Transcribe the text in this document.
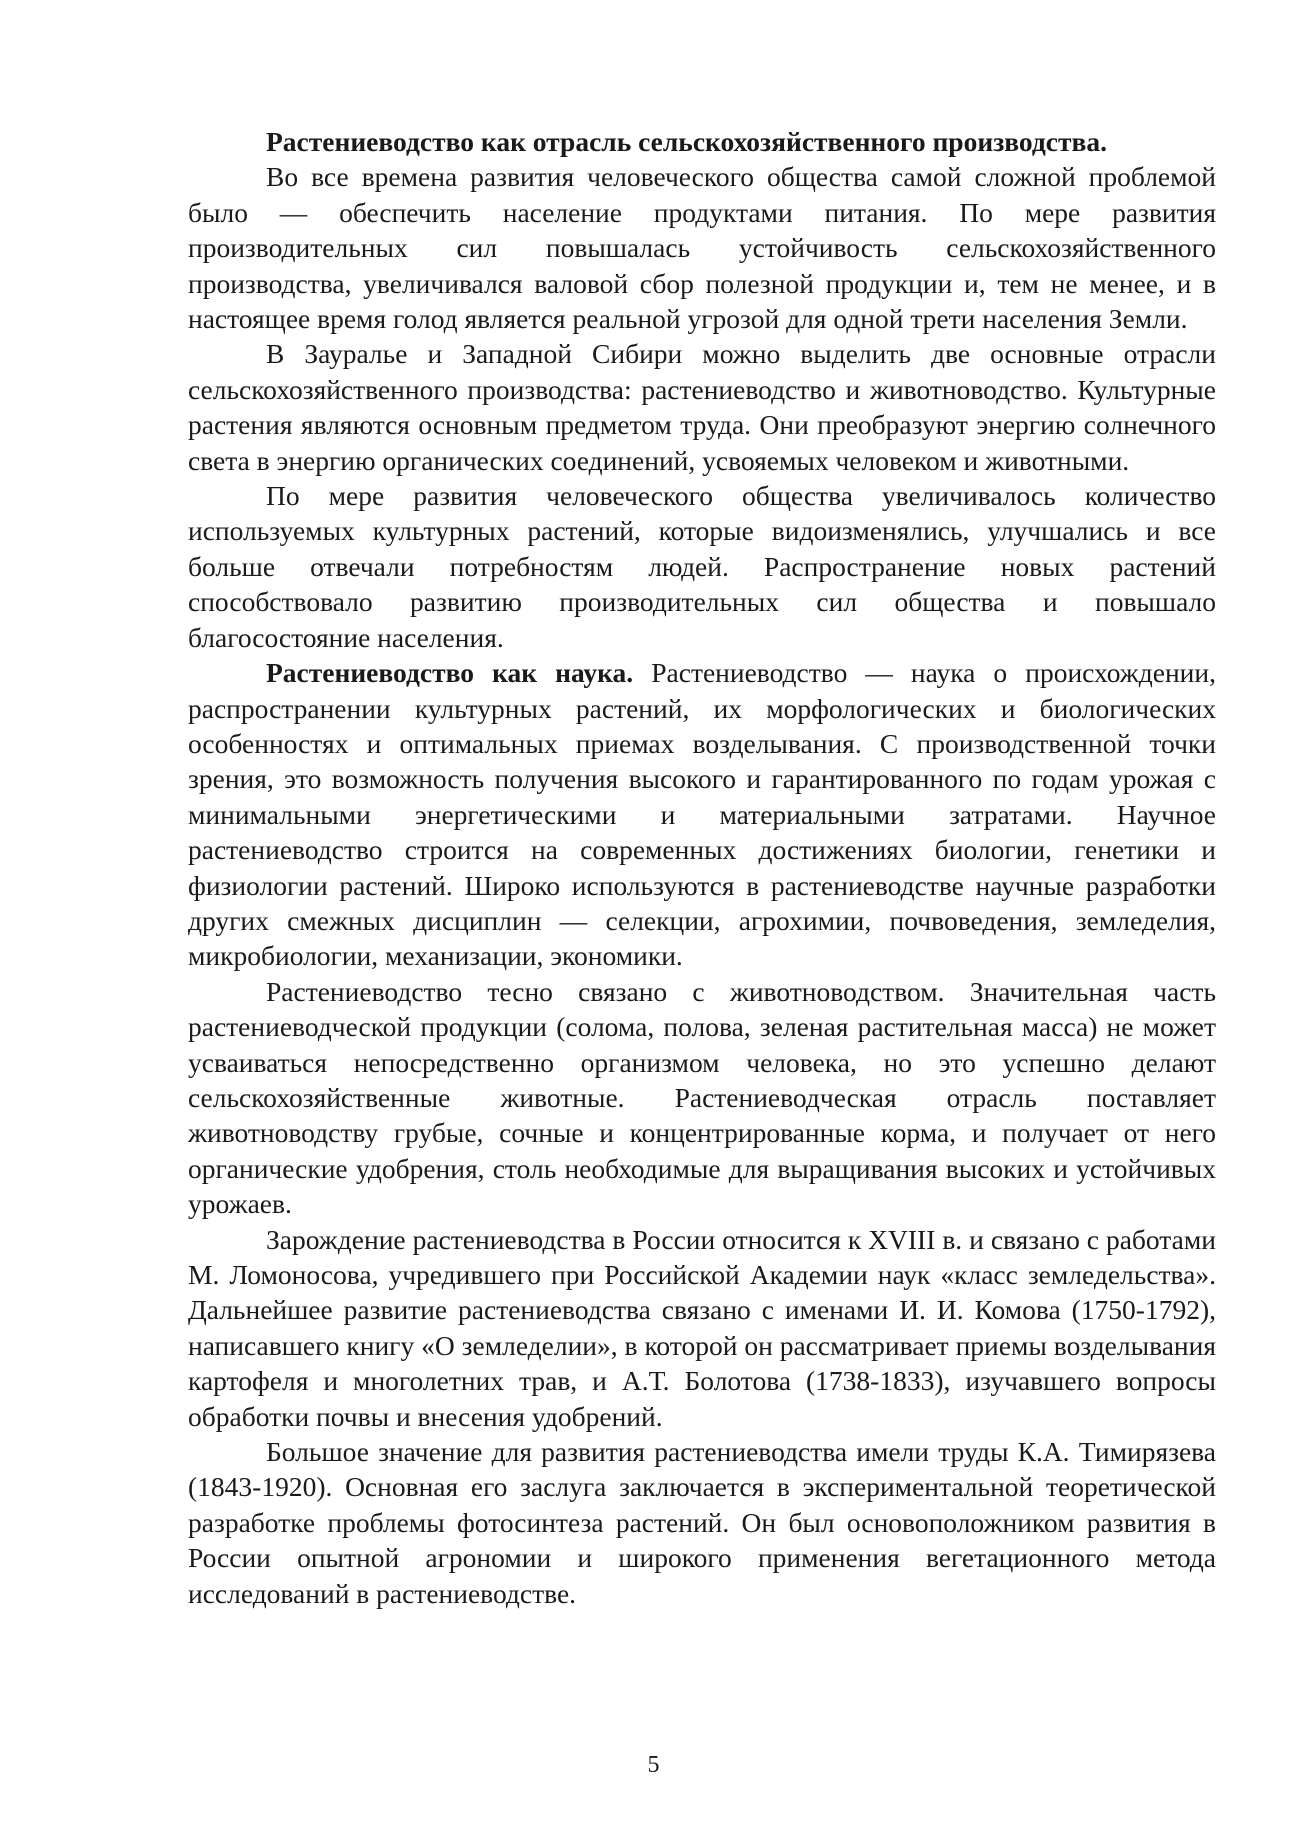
Растениеводство как отрасль сельскохозяйственного производства.

Во все времена развития человеческого общества самой сложной проблемой было — обеспечить население продуктами питания. По мере развития производительных сил повышалась устойчивость сельскохозяйственного производства, увеличивался валовой сбор полезной продукции и, тем не менее, и в настоящее время голод является реальной угрозой для одной трети населения Земли.

В Зауралье и Западной Сибири можно выделить две основные отрасли сельскохозяйственного производства: растениеводство и животноводство. Культурные растения являются основным предметом труда. Они преобразуют энергию солнечного света в энергию органических соединений, усвояемых человеком и животными.

По мере развития человеческого общества увеличивалось количество используемых культурных растений, которые видоизменялись, улучшались и все больше отвечали потребностям людей. Распространение новых растений способствовало развитию производительных сил общества и повышало благосостояние населения.

Растениеводство как наука. Растениеводство — наука о происхождении, распространении культурных растений, их морфологических и биологических особенностях и оптимальных приемах возделывания. С производственной точки зрения, это возможность получения высокого и гарантированного по годам урожая с минимальными энергетическими и материальными затратами. Научное растениеводство строится на современных достижениях биологии, генетики и физиологии растений. Широко используются в растениеводстве научные разработки других смежных дисциплин — селекции, агрохимии, почвоведения, земледелия, микробиологии, механизации, экономики.

Растениеводство тесно связано с животноводством. Значительная часть растениеводческой продукции (солома, полова, зеленая растительная масса) не может усваиваться непосредственно организмом человека, но это успешно делают сельскохозяйственные животные. Растениеводческая отрасль поставляет животноводству грубые, сочные и концентрированные корма, и получает от него органические удобрения, столь необходимые для выращивания высоких и устойчивых урожаев.

Зарождение растениеводства в России относится к XVIII в. и связано с работами М. Ломоносова, учредившего при Российской Академии наук «класс земледельства». Дальнейшее развитие растениеводства связано с именами И. И. Комова (1750-1792), написавшего книгу «О земледелии», в которой он рассматривает приемы возделывания картофеля и многолетних трав, и А.Т. Болотова (1738-1833), изучавшего вопросы обработки почвы и внесения удобрений.

Большое значение для развития растениеводства имели труды К.А. Тимирязева (1843-1920). Основная его заслуга заключается в экспериментальной теоретической разработке проблемы фотосинтеза растений. Он был основоположником развития в России опытной агрономии и широкого применения вегетационного метода исследований в растениеводстве.

5
